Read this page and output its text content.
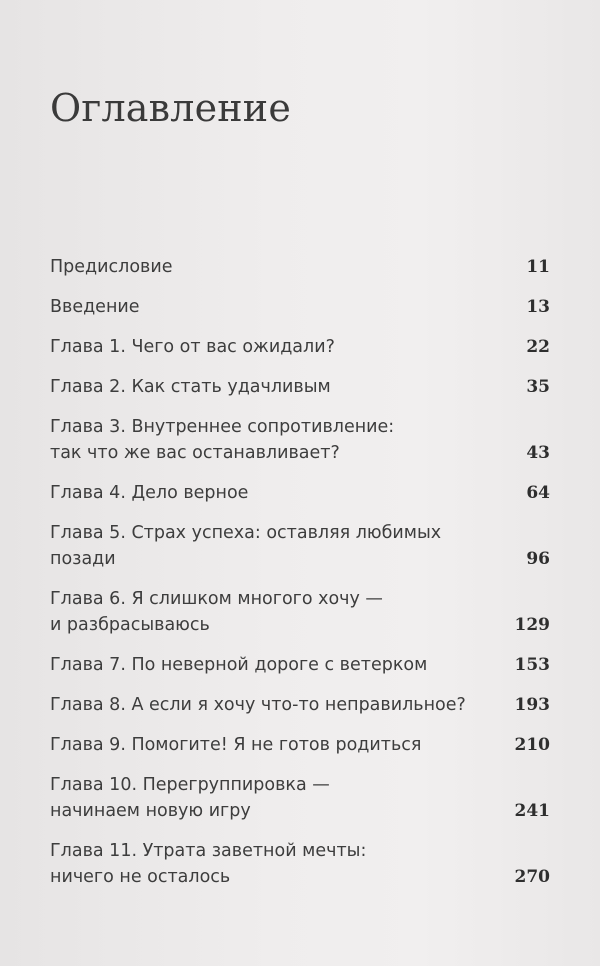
Оглавление
Предисловие	11
Введение	13
Глава 1. Чего от вас ожидали?	22
Глава 2. Как стать удачливым	35
Глава 3. Внутреннее сопротивление:
так что же вас останавливает?	43
Глава 4. Дело верное	64
Глава 5. Страх успеха: оставляя любимых
позади	96
Глава 6. Я слишком многого хочу —
и разбрасываюсь	129
Глава 7. По неверной дороге с ветерком	153
Глава 8. А если я хочу что-то неправильное?	193
Глава 9. Помогите! Я не готов родиться	210
Глава 10. Перегруппировка —
начинаем новую игру	241
Глава 11. Утрата заветной мечты:
ничего не осталось	270
